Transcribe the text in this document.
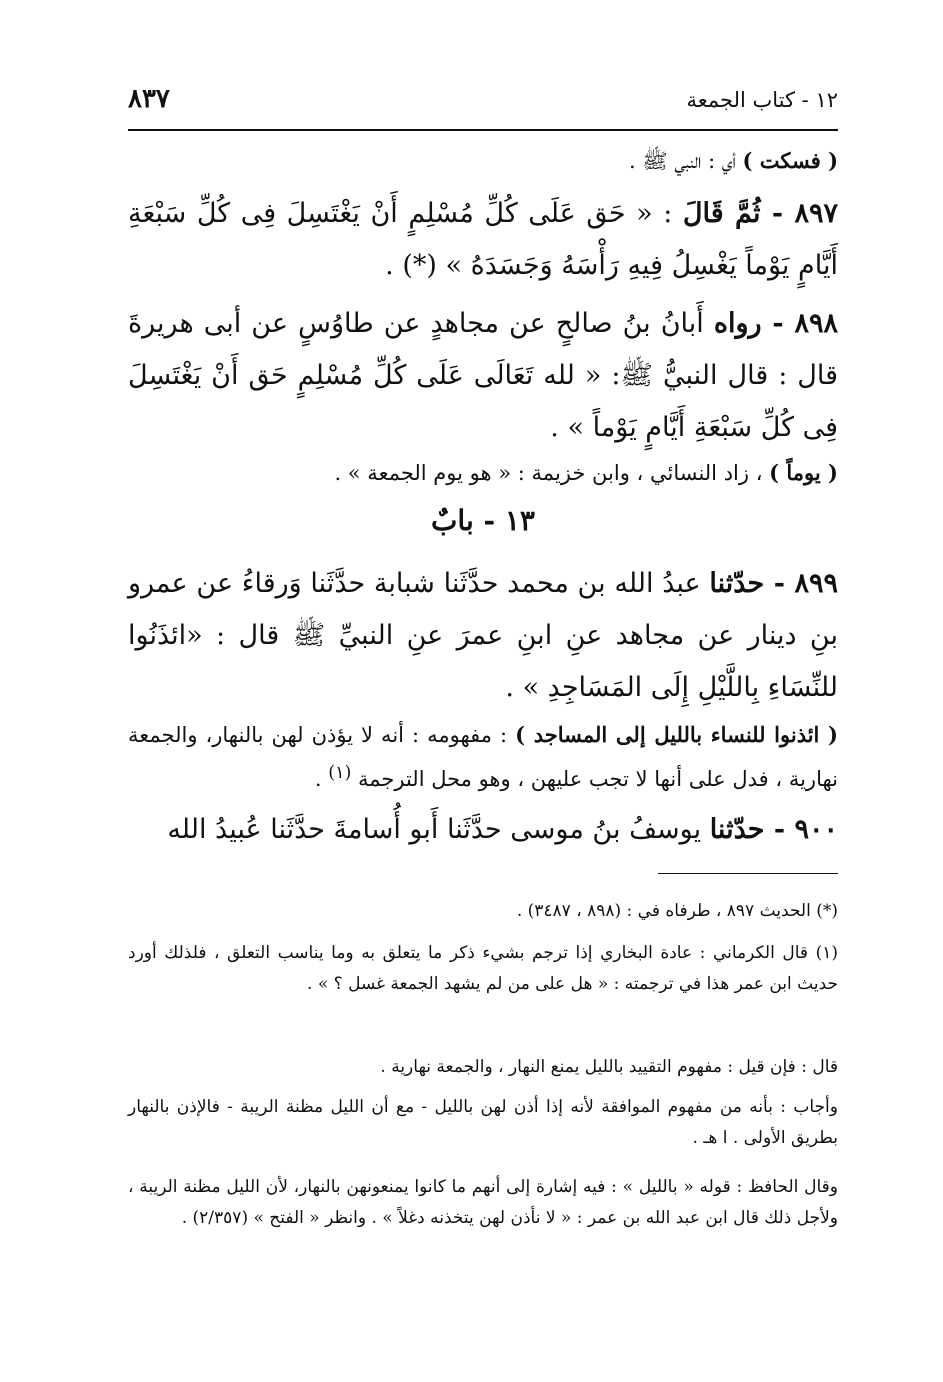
١٢ - كتاب الجمعة
٨٣٧

( فسكت ) أي : النبي ﷺ .

٨٩٧ - ثُمَّ قَالَ : « حَق عَلَى كُلِّ مُسْلِمٍ أَنْ يَغْتَسِلَ فِى كُلِّ سَبْعَةِ أَيَّامٍ يَوْماً يَغْسِلُ فِيهِ رَأْسَهُ وَجَسَدَهُ » (*) .

٨٩٨ - رواه أَبانُ بنُ صالحٍ عن مجاهدٍ عن طاوُسٍ عن أبى هريرةَ قال : قال النبيُّ ﷺ: « لله تَعَالَى عَلَى كُلِّ مُسْلِمٍ حَق أَنْ يَغْتَسِلَ فِى كُلِّ سَبْعَةِ أَيَّامٍ يَوْماً » .

( يوماً ) ، زاد النسائي ، وابن خزيمة : « هو يوم الجمعة » .

١٣ - بابٌ

٨٩٩ - حدّثنا عبدُ الله بن محمد حدَّثَنا شبابة حدَّثَنا وَرقاءُ عن عمرو بنِ دينار عن مجاهد عنِ ابنِ عمرَ عنِ النبيِّ ﷺ قال : «ائذَنُوا للنِّسَاءِ بِاللَّيْلِ إِلَى المَسَاجِدِ » .

( ائذنوا للنساء بالليل إلى المساجد ) : مفهومه : أنه لا يؤذن لهن بالنهار، والجمعة نهارية ، فدل على أنها لا تجب عليهن ، وهو محل الترجمة $^{(١)}$ .

٩٠٠ - حدّثنا يوسفُ بنُ موسى حدَّثَنا أَبو أُسامةَ حدَّثَنا عُبيدُ الله

(*) الحديث ٨٩٧ ، طرفاه في : (٨٩٨ ، ٣٤٨٧) .

(١) قال الكرماني : عادة البخاري إذا ترجم بشيء ذكر ما يتعلق به وما يناسب التعلق ، فلذلك أورد حديث ابن عمر هذا في ترجمته : « هل على من لم يشهد الجمعة غسل ؟ » .

قال : فإن قيل : مفهوم التقييد بالليل يمنع النهار ، والجمعة نهارية .

وأجاب : بأنه من مفهوم الموافقة لأنه إذا أذن لهن بالليل - مع أن الليل مظنة الريبة - فالإذن بالنهار بطريق الأولى . ا هـ .

وقال الحافظ : قوله « بالليل » : فيه إشارة إلى أنهم ما كانوا يمنعونهن بالنهار، لأن الليل مظنة الريبة ، ولأجل ذلك قال ابن عبد الله بن عمر : « لا نأذن لهن يتخذنه دغلاً » . وانظر « الفتح » (٢/٣٥٧) .
